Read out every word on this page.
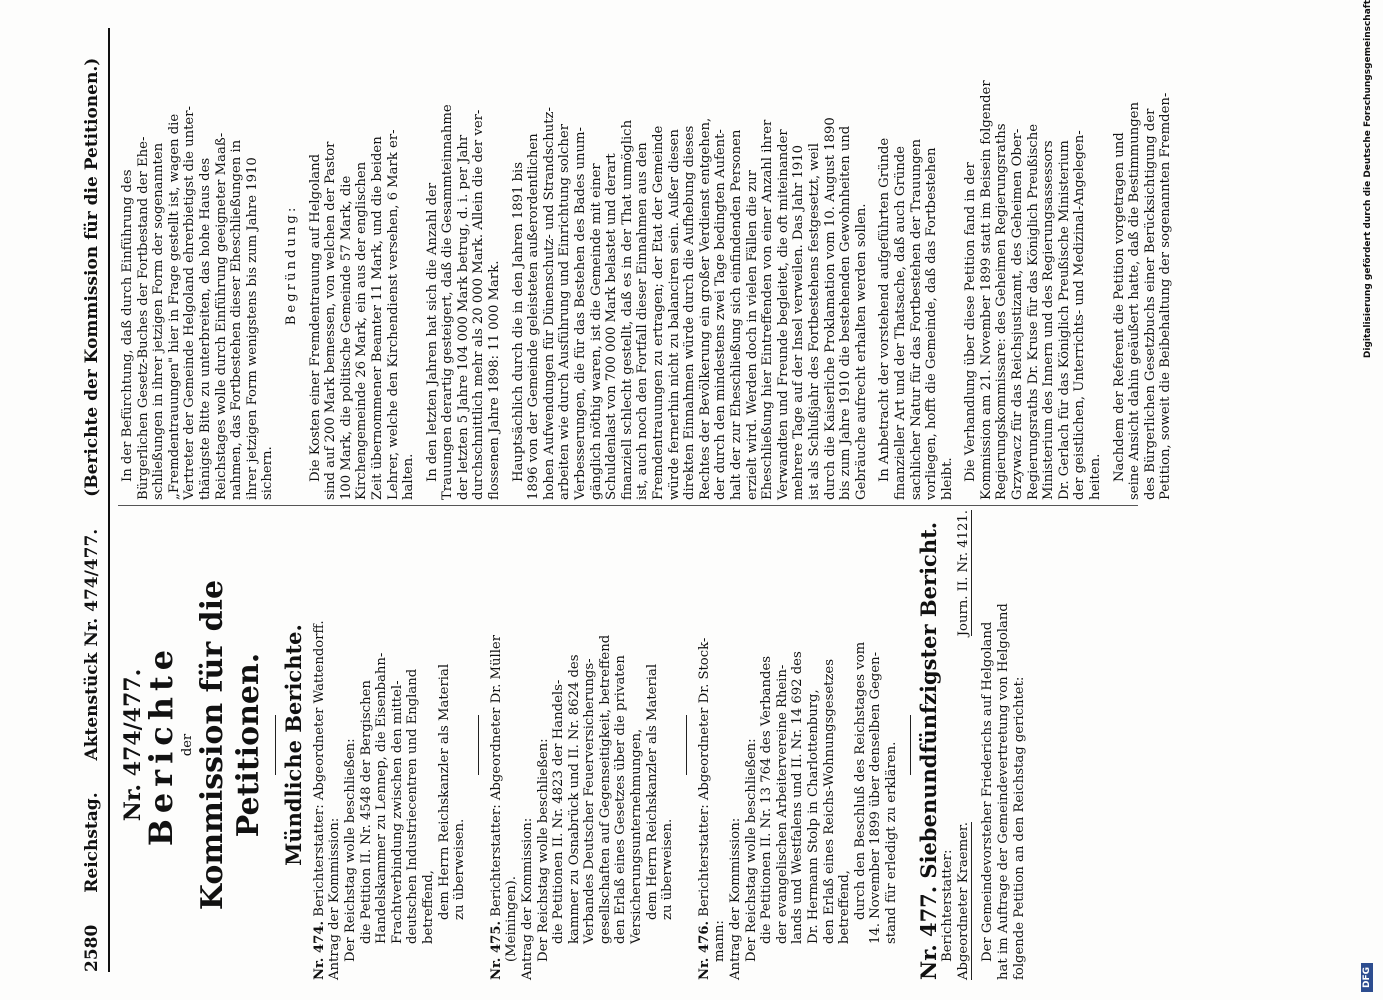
2580 Reichstag. Aktenstück Nr. 474/477. (Berichte der Kommission für die Petitionen.)
Nr. 474/477.
Berichte der Kommission für die Petitionen. Mündliche Berichte.
Nr. 474. Berichterstatter: Abgeordneter Wattendorff. Antrag der Kommission: Der Reichstag wolle beschließen: die Petition II. Nr. 4548 der Bergischen Handelskammer zu Lennep, die Eisenbahn- Frachtverbindung zwischen den mittel- deutschen Industriecentren und England betreffend, dem Herrn Reichskanzler als Material zu überweisen.
Nr. 475. Berichterstatter: Abgeordneter Dr. Müller
(Meiningen). Antrag der Kommission: Der Reichstag wolle beschließen: die Petitionen II. Nr. 4823 der Handels- kammer zu Osnabrück und II. Nr. 8624 des Verbandes Deutscher Feuerversicherungs- gesellschaften auf Gegenseitigkeit, betreffend den Erlaß eines Gesetzes über die privaten Versicherungsunternehmungen, dem Herrn Reichskanzler als Material zu überweisen.
Nr. 476. Berichterstatter: Abgeordneter Dr. Stock-
mann: Antrag der Kommission: Der Reichstag wolle beschließen: die Petitionen II. Nr. 13 764 des Verbandes der evangelischen Arbeitervereine Rhein- lands und Westfalens und II. Nr. 14 692 des Dr. Hermann Stolp in Charlottenburg, den Erlaß eines Reichs-Wohnungsgesetzes betreffend, durch den Beschluß des Reichstages vom 14. November 1899 über denselben Gegen- stand für erledigt zu erklären. Nr. 477. Siebenundfünfzigster Bericht. Berichterstatter: Abgeordneter Kraemer.
Journ. II. Nr. 4121.
Der Gemeindevorsteher Friederichs auf Helgoland hat im Auftrage der Gemeindevertretung von Helgoland folgende Petition an den Reichstag gerichtet:
In der Befürchtung, daß durch Einführung des Bürgerlichen Gesetz-Buches der Fortbestand der Ehe- schließungen in ihrer jetzigen Form der sogenannten „Fremdentrauungen" hier in Frage gestellt ist, wagen die Vertreter der Gemeinde Helgoland ehrerbietigst die unter- thänigste Bitte zu unterbreiten, das hohe Haus des Reichstages wolle durch Einführung geeigneter Maaß- nahmen, das Fortbestehen dieser Eheschließungen in ihrer jetzigen Form wenigstens bis zum Jahre 1910 sichern.
Begründung: Die Kosten einer Fremdentrauung auf Helgoland sind auf 200 Mark bemessen, von welchen der Pastor 100 Mark, die politische Gemeinde 57 Mark, die Kirchengemeinde 26 Mark, ein aus der englischen Zeit übernommener Beamter 11 Mark, und die beiden Lehrer, welche den Kirchendienst versehen, 6 Mark er- halten. In den letzten Jahren hat sich die Anzahl der Trauungen derartig gesteigert, daß die Gesammteinnahme der letzten 5 Jahre 104 000 Mark betrug, d. i. per Jahr durchschnittlich mehr als 20 000 Mark. Allein die der ver- flossenen Jahre 1898: 11 000 Mark. Hauptsächlich durch die in den Jahren 1891 bis 1896 von der Gemeinde geleisteten außerordentlichen hohen Aufwendungen für Dünenschutz- und Strandschutz- arbeiten wie durch Ausführung und Einrichtung solcher Verbesserungen, die für das Bestehen des Bades unum- gänglich nöthig waren, ist die Gemeinde mit einer Schuldenlast von 700 000 Mark belastet und derart finanziell schlecht gestellt, daß es in der That unmöglich ist, auch noch den Fortfall dieser Einnahmen aus den Fremdentrauungen zu ertragen; der Etat der Gemeinde würde fernerhin nicht zu balanciren sein. Außer diesen direkten Einnahmen würde durch die Aufhebung dieses Rechtes der Bevölkerung ein großer Verdienst entgehen, der durch den mindestens zwei Tage bedingten Aufent- halt der zur Eheschließung sich einfindenden Personen erzielt wird. Werden doch in vielen Fällen die zur Eheschließung hier Eintreffenden von einer Anzahl ihrer Verwandten und Freunde begleitet, die oft miteinander mehrere Tage auf der Insel verweilen. Das Jahr 1910 ist als Schlußjahr des Fortbestehens festgesetzt, weil durch die Kaiserliche Proklamation vom 10. August 1890 bis zum Jahre 1910 die bestehenden Gewohnheiten und Gebräuche aufrecht erhalten werden sollen. In Anbetracht der vorstehend aufgeführten Gründe finanzieller Art und der Thatsache, daß auch Gründe sachlicher Natur für das Fortbestehen der Trauungen vorliegen, hofft die Gemeinde, daß das Fortbestehen bleibt. Die Verhandlung über diese Petition fand in der Kommission am 21. November 1899 statt im Beisein folgender Regierungskommissare: des Geheimen Regierungsraths Grzywacz für das Reichsjustizamt, des Geheimen Ober- Regierungsraths Dr. Kruse für das Königlich Preußische Ministerium des Innern und des Regierungsassessors Dr. Gerlach für das Königlich Preußische Ministerium der geistlichen, Unterrichts- und Medizinal-Angelegen- heiten. Nachdem der Referent die Petition vorgetragen und seine Ansicht dahin geäußert hatte, daß die Bestimmungen des Bürgerlichen Gesetzbuchs einer Berücksichtigung der Petition, soweit die Beibehaltung der sogenannten Fremden-
DFG
Digitalisierung gefördert durch die Deutsche Forschungsgemeinschaft
